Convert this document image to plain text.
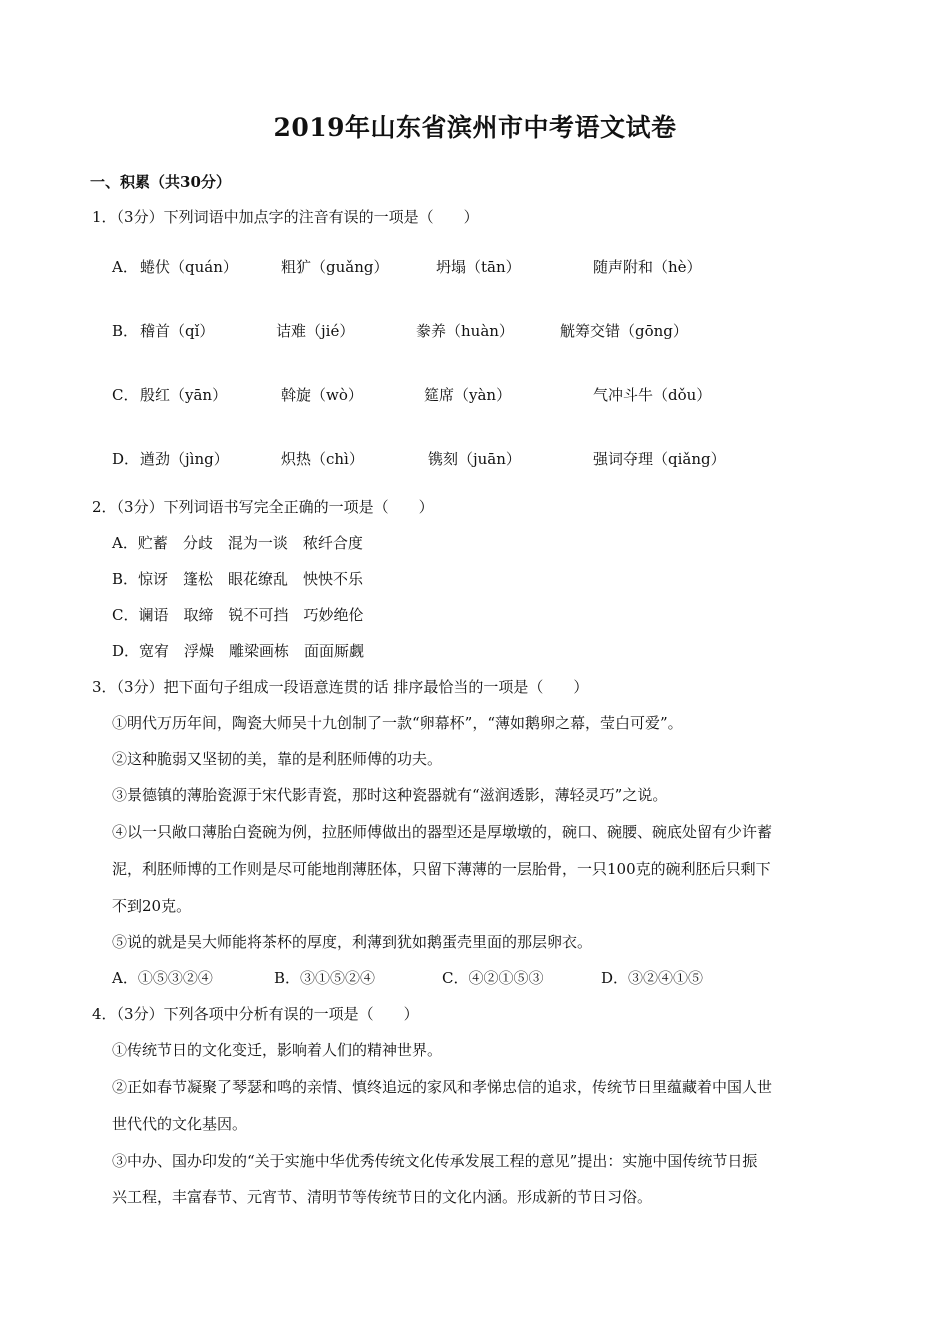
2019年山东省滨州市中考语文试卷
一、积累（共30分）
1．（3分）下列词语中加点字的注音有误的一项是（　　）
A． 蜷伏（quán）	粗犷（guǎng）	坍塌（tān）	随声附和（hè）
B． 稽首（qǐ）	诘难（jié）	豢养（huàn）	觥筹交错（gōng）
C． 殷红（yān）	斡旋（wò）	筵席（yàn）	气冲斗牛（dǒu）
D． 遒劲（jìng）	炽热（chì）	镌刻（juān）	强词夺理（qiǎng）
2．（3分）下列词语书写完全正确的一项是（　　）
A．贮蓄　分歧　混为一谈　秾纤合度
B．惊讶　篷松　眼花缭乱　怏怏不乐
C．谰语　取缔　锐不可挡　巧妙绝伦
D．宽宥　浮燥　雕梁画栋　面面厮觑
3．（3分）把下面句子组成一段语意连贯的话 排序最恰当的一项是（　　）
①明代万历年间，陶瓷大师吴十九创制了一款“卵幕杯”，“薄如鹅卵之幕，莹白可爱”。
②这种脆弱又坚韧的美，靠的是利胚师傅的功夫。
③景德镇的薄胎瓷源于宋代影青瓷，那时这种瓷器就有“滋润透影，薄轻灵巧”之说。
④以一只敞口薄胎白瓷碗为例，拉胚师傅做出的器型还是厚墩墩的，碗口、碗腰、碗底处留有少许蓄
泥，利胚师博的工作则是尽可能地削薄胚体，只留下薄薄的一层胎骨，一只100克的碗利胚后只剩下
不到20克。
⑤说的就是吴大师能将茶杯的厚度，利薄到犹如鹅蛋壳里面的那层卵衣。
A．①⑤③②④	B．③①⑤②④	C．④②①⑤③	D．③②④①⑤
4．（3分）下列各项中分析有误的一项是（　　）
①传统节日的文化变迁，影响着人们的精神世界。
②正如春节凝聚了琴瑟和鸣的亲情、慎终追远的家风和孝悌忠信的追求，传统节日里蕴藏着中国人世
世代代的文化基因。
③中办、国办印发的“关于实施中华优秀传统文化传承发展工程的意见”提出：实施中国传统节日振
兴工程，丰富春节、元宵节、清明节等传统节日的文化内涵。形成新的节日习俗。
